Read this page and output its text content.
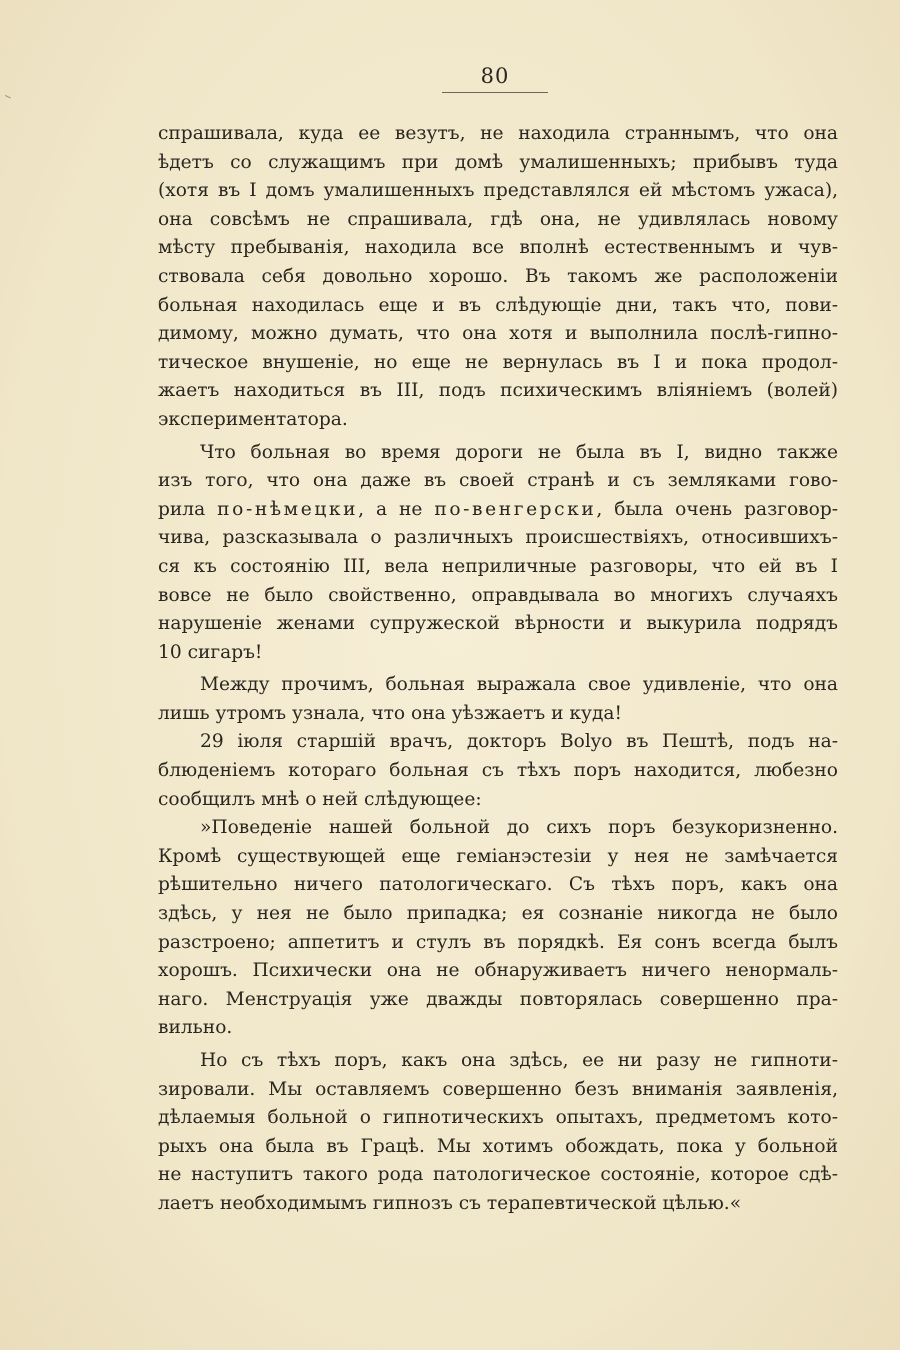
80
спрашивала, куда ее везутъ, не находила страннымъ, что она
ѣдетъ со служащимъ при домѣ умалишенныхъ; прибывъ туда
(хотя въ I домъ умалишенныхъ представлялся ей мѣстомъ ужаса),
она совсѣмъ не спрашивала, гдѣ она, не удивлялась новому
мѣсту пребыванія, находила все вполнѣ естественнымъ и чув-
ствовала себя довольно хорошо. Въ такомъ же расположеніи
больная находилась еще и въ слѣдующіе дни, такъ что, пови-
димому, можно думать, что она хотя и выполнила послѣ-гипно-
тическое внушеніе, но еще не вернулась въ I и пока продол-
жаетъ находиться въ III, подъ психическимъ вліяніемъ (волей)
экспериментатора.
Что больная во время дороги не была въ I, видно также
изъ того, что она даже въ своей странѣ и съ земляками гово-
рила по-нѣмецки, а не по-венгерски, была очень разговор-
чива, разсказывала о различныхъ происшествіяхъ, относившихъ-
ся къ состоянію III, вела неприличные разговоры, что ей въ I
вовсе не было свойственно, оправдывала во многихъ случаяхъ
нарушеніе женами супружеской вѣрности и выкурила подрядъ
10 сигаръ!
Между прочимъ, больная выражала свое удивленіе, что она
лишь утромъ узнала, что она уѣзжаетъ и куда!
29 іюля старшій врачъ, докторъ Bolyo въ Пештѣ, подъ на-
блюденіемъ котораго больная съ тѣхъ поръ находится, любезно
сообщилъ мнѣ о ней слѣдующее:
»Поведеніе нашей больной до сихъ поръ безукоризненно.
Кромѣ существующей еще геміанэстезіи у нея не замѣчается
рѣшительно ничего патологическаго. Съ тѣхъ поръ, какъ она
здѣсь, у нея не было припадка; ея сознаніе никогда не было
разстроено; аппетитъ и стулъ въ порядкѣ. Ея сонъ всегда былъ
хорошъ. Психически она не обнаруживаетъ ничего ненормаль-
наго. Менструація уже дважды повторялась совершенно пра-
вильно.
Но съ тѣхъ поръ, какъ она здѣсь, ее ни разу не гипноти-
зировали. Мы оставляемъ совершенно безъ вниманія заявленія,
дѣлаемыя больной о гипнотическихъ опытахъ, предметомъ кото-
рыхъ она была въ Грацѣ. Мы хотимъ обождать, пока у больной
не наступитъ такого рода патологическое состояніе, которое сдѣ-
лаетъ необходимымъ гипнозъ съ терапевтической цѣлью.«
